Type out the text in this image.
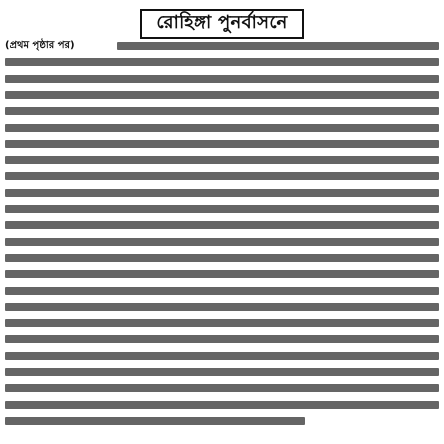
রোহিঙ্গা পুনর্বাসনে
(প্রথম পৃষ্ঠার পর)
